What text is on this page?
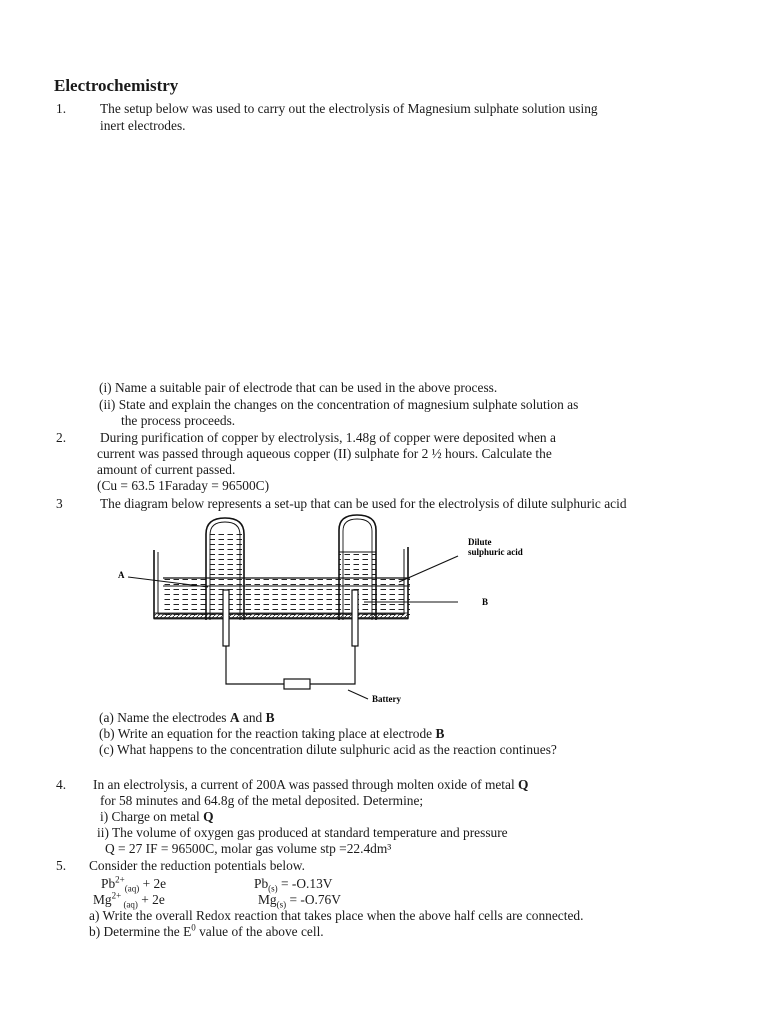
Electrochemistry
1.	The setup below was used to carry out the electrolysis of Magnesium sulphate solution using
inert electrodes.
(i) Name a suitable pair of electrode that can be used in the above process.
(ii) State and explain the changes on the concentration of magnesium sulphate solution as
the process proceeds.
2.	During purification of copper by electrolysis, 1.48g of copper were deposited when a
current was passed through aqueous copper (II) sulphate for 2 ½ hours. Calculate the
amount of current passed.
(Cu = 63.5 1Faraday = 96500C)
3	The diagram below represents a set-up that can be used for the electrolysis of dilute sulphuric acid
A
Dilute
sulphuric acid
B
Battery
(a) Name the electrodes A and B
(b) Write an equation for the reaction taking place at electrode B
(c) What happens to the concentration dilute sulphuric acid as the reaction continues?
4. In an electrolysis, a current of 200A was passed through molten oxide of metal Q
for 58 minutes and 64.8g of the metal deposited. Determine;
i) Charge on metal Q
ii) The volume of oxygen gas produced at standard temperature and pressure
Q = 27 IF = 96500C, molar gas volume stp =22.4dm³
5. Consider the reduction potentials below.
$Pb^{2+}_{(aq)} + 2e$	$Pb_{(s)} = -O.13V$
$Mg^{2+}$ $_{(aq)}$ + 2e	$Mg_{(s)} = -O.76V$
a) Write the overall Redox reaction that takes place when the above half cells are connected.
b) Determine the $E^0$ value of the above cell.
